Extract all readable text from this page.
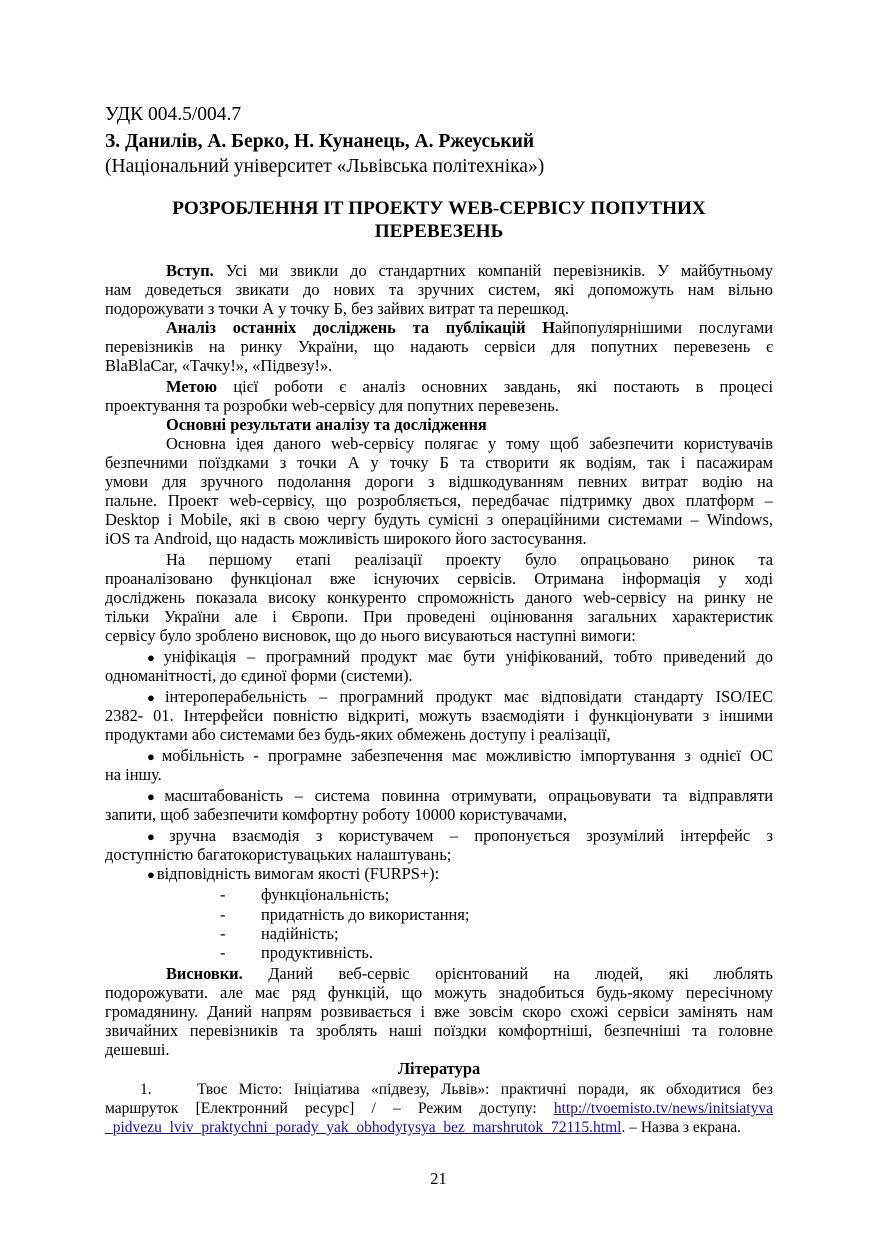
УДК 004.5/004.7
З. Данилів, А. Берко, Н. Кунанець, А. Ржеуський
(Національний університет «Львівська політехніка»)
РОЗРОБЛЕННЯ ІТ ПРОЕКТУ WEB-СЕРВІСУ ПОПУТНИХ
ПЕРЕВЕЗЕНЬ
Вступ. Усі ми звикли до стандартних компаній перевізників. У майбутньому
нам доведеться звикати до нових та зручних систем, які допоможуть нам вільно
подорожувати з точки А у точку Б, без зайвих витрат та перешкод.
Аналіз останніх досліджень та публікацій Найпопулярнішими послугами
перевізників на ринку України, що надають сервіси для попутних перевезень є
BlaBlaCar, «Тачку!», «Підвезу!».
Метою цієї роботи є аналіз основних завдань, які постають в процесі
проектування та розробки web-сервісу для попутних перевезень.
Основні результати аналізу та дослідження
Основна ідея даного web-сервісу полягає у тому щоб забезпечити користувачів
безпечними поїздками з точки А у точку Б та створити як водіям, так і пасажирам
умови для зручного подолання дороги з відшкодуванням певних витрат водію на
пальне. Проект web-сервісу, що розробляється, передбачає підтримку двох платформ –
Desktop і Mobile, які в свою чергу будуть сумісні з операційними системами – Windows,
iOS та Android, що надасть можливість широкого його застосування.
На першому етапі реалізації проекту було опрацьовано ринок та
проаналізовано функціонал вже існуючих сервісів. Отримана інформація у ході
досліджень показала високу конкуренто спроможність даного web-сервісу на ринку не
тільки України але і Європи. При проведені оцінювання загальних характеристик
сервісу було зроблено висновок, що до нього висуваються наступні вимоги:
● уніфікація – програмний продукт має бути уніфікований, тобто приведений до
одноманітності, до єдиної форми (системи).
● інтероперабельність – програмний продукт має відповідати стандарту ISO/IEC
2382- 01. Інтерфейси повністю відкриті, можуть взаємодіяти і функціонувати з іншими
продуктами або системами без будь-яких обмежень доступу і реалізації,
● мобільність - програмне забезпечення має можливістю імпортування з однієї ОС
на іншу.
● масштабованість – система повинна отримувати, опрацьовувати та відправляти
запити, щоб забезпечити комфортну роботу 10000 користувачами,
● зручна взаємодія з користувачем – пропонується зрозумілий інтерфейс з
доступністю багатокористувацьких налаштувань;
● відповідність вимогам якості (FURPS+):
- функціональність;
- придатність до використання;
- надійність;
- продуктивність.
Висновки. Даний веб-сервіс орієнтований на людей, які люблять
подорожувати. але має ряд функцій, що можуть знадобиться будь-якому пересічному
громадянину. Даний напрям розвивається і вже зовсім скоро схожі сервіси замінять нам
звичайних перевізників та зроблять наші поїздки комфортніші, безпечніші та головне
дешевші.
Література
1.	Твоє Місто: Ініціатива «підвезу, Львів»: практичні поради, як обходитися без
маршруток [Електронний ресурс] / – Режим доступу: http://tvoemisto.tv/news/initsiatyva
_pidvezu_lviv_praktychni_porady_yak_obhodytysya_bez_marshrutok_72115.html. – Назва з екрана.
21
